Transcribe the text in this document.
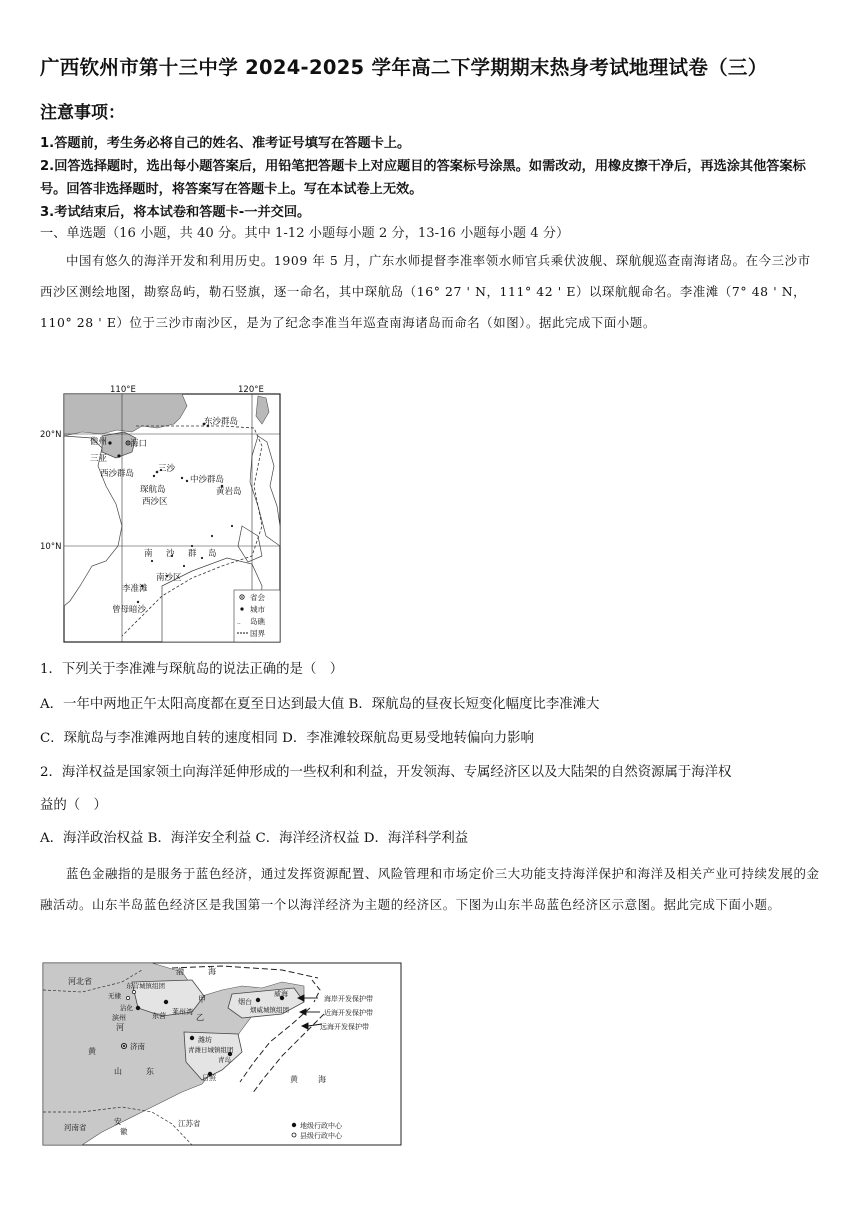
广西钦州市第十三中学 2024-2025 学年高二下学期期末热身考试地理试卷（三）
注意事项：
1.答题前，考生务必将自己的姓名、准考证号填写在答题卡上。
2.回答选择题时，选出每小题答案后，用铅笔把答题卡上对应题目的答案标号涂黑。如需改动，用橡皮擦干净后，再选涂其他答案标号。回答非选择题时，将答案写在答题卡上。写在本试卷上无效。
3.考试结束后，将本试卷和答题卡-一并交回。
一、单选题（16 小题，共 40 分。其中 1-12 小题每小题 2 分，13-16 小题每小题 4 分）
中国有悠久的海洋开发和利用历史。1909 年 5 月，广东水师提督李准率领水师官兵乘伏波舰、琛航舰巡查南海诸岛。在今三沙市西沙区测绘地图，勘察岛屿，勒石竖旗，逐一命名，其中琛航岛（16° 27 ' N，111° 42 ' E）以琛航舰命名。李准滩（7° 48 ' N，110° 28 ' E）位于三沙市南沙区，是为了纪念李准当年巡查南海诸岛而命名（如图）。据此完成下面小题。
110°E	120°E
20°N
10°N
东沙群岛
儋州	海口
三亚
西沙群岛	三沙
中沙群岛
琛航岛	黄岩岛
西沙区
南 沙 群 岛
南沙区
李准滩
曾母暗沙
省会
城市
.. 岛礁
国界
1．下列关于李准滩与琛航岛的说法正确的是（　）
A．一年中两地正午太阳高度都在夏至日达到最大值 B．琛航岛的昼夜长短变化幅度比李准滩大
C．琛航岛与李准滩两地自转的速度相同 D．李准滩较琛航岛更易受地转偏向力影响
2．海洋权益是国家领土向海洋延伸形成的一些权利和利益，开发领海、专属经济区以及大陆架的自然资源属于海洋权
益的（　）
A．海洋政治权益 B．海洋安全利益 C．海洋经济权益 D．海洋科学利益
蓝色金融指的是服务于蓝色经济，通过发挥资源配置、风险管理和市场定价三大功能支持海洋保护和海洋及相关产业可持续发展的金融活动。山东半岛蓝色经济区是我国第一个以海洋经济为主题的经济区。下图为山东半岛蓝色经济区示意图。据此完成下面小题。
河北省
渤	海
东营城镇组团
无棣
沾化
滨州	东营 莱州湾
甲
乙
烟台
威海
烟威城镇组团
河
济南
黄
潍坊
青潍日城镇组团
青岛
山	东
日照	黄	海
河南省
安
徽
江苏省
海岸开发保护带
近海开发保护带
远海开发保护带
地级行政中心
县级行政中心
